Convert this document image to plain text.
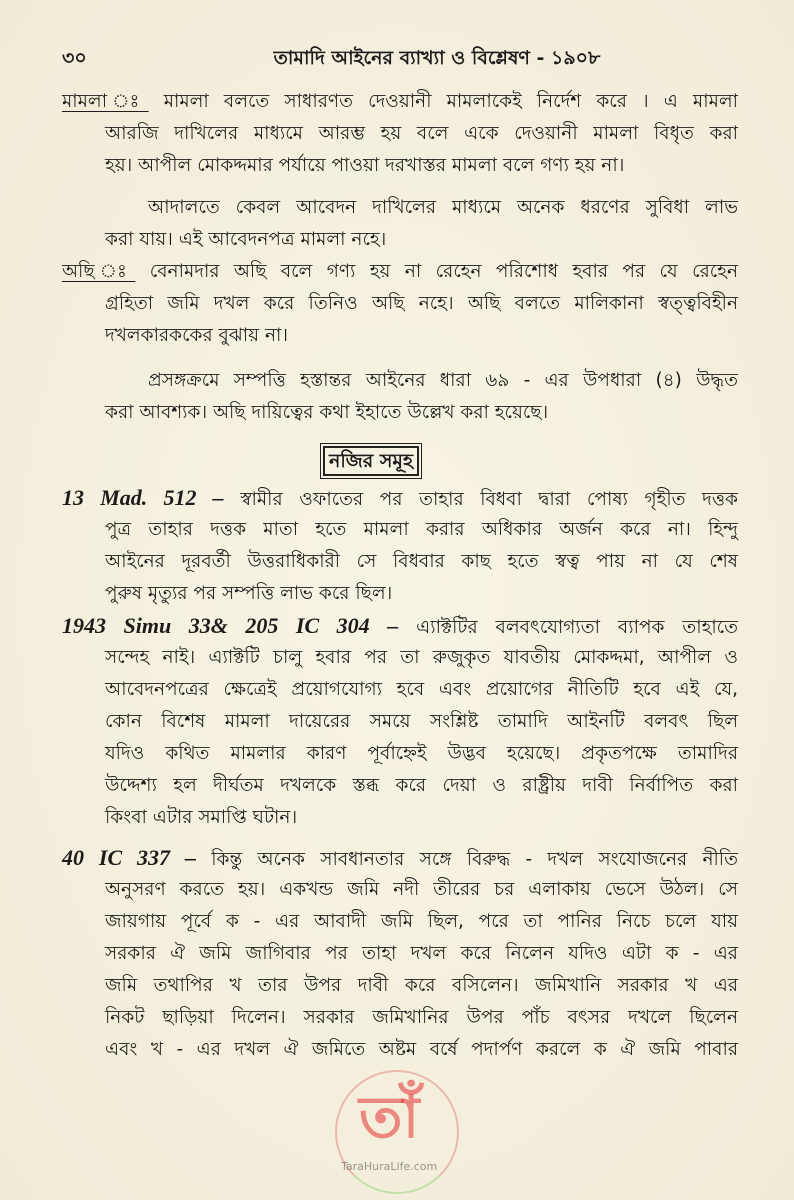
৩০	তামাদি আইনের ব্যাখ্যা ও বিশ্লেষণ - ১৯০৮
মামলা ঃ মামলা বলতে সাধারণত দেওয়ানী মামলাকেই নির্দেশ করে । এ মামলা
আরজি দাখিলের মাধ্যমে আরম্ভ হয় বলে একে দেওয়ানী মামলা বিধৃত করা
হয়। আপীল মোকদ্দমার পর্যায়ে পাওয়া দরখাস্তর মামলা বলে গণ্য হয় না।
আদালতে কেবল আবেদন দাখিলের মাধ্যমে অনেক ধরণের সুবিধা লাভ
করা যায়। এই আবেদনপত্র মামলা নহে।
অছি ঃ বেনামদার অছি বলে গণ্য হয় না রেহেন পরিশোধ হবার পর যে রেহেন
গ্রহিতা জমি দখল করে তিনিও অছি নহে। অছি বলতে মালিকানা স্বত্ত্ববিহীন
দখলকারককের বুঝায় না।
প্রসঙ্গক্রমে সম্পত্তি হস্তান্তর আইনের ধারা ৬৯ - এর উপধারা (৪) উদ্ধৃত
করা আবশ্যক। অছি দায়িত্বের কথা ইহাতে উল্লেখ করা হয়েছে।
13 Mad. 512 – স্বামীর ওফাতের পর তাহার বিধবা দ্বারা পোষ্য গৃহীত দত্তক
পুত্র তাহার দত্তক মাতা হতে মামলা করার অধিকার অর্জন করে না। হিন্দু
আইনের দূরবর্তী উত্তরাধিকারী সে বিধবার কাছ হতে স্বত্ব পায় না যে শেষ
পুরুষ মৃত্যুর পর সম্পত্তি লাভ করে ছিল।
1943 Simu 33& 205 IC 304 – এ্যাক্টটির বলবৎযোগ্যতা ব্যাপক তাহাতে
সন্দেহ নাই। এ্যাক্টটি চালু হবার পর তা রুজুকৃত যাবতীয় মোকদ্দমা, আপীল ও
আবেদনপত্রের ক্ষেত্রেই প্রয়োগযোগ্য হবে এবং প্রয়োগের নীতিটি হবে এই যে,
কোন বিশেষ মামলা দায়েরের সময়ে সংশ্লিষ্ট তামাদি আইনটি বলবৎ ছিল
যদিও কথিত মামলার কারণ পূর্বাহ্নেই উদ্ভব হয়েছে। প্রকৃতপক্ষে তামাদির
উদ্দেশ্য হল দীর্ঘতম দখলকে স্তব্ধ করে দেয়া ও রাষ্ট্রীয় দাবী নির্বাপিত করা
কিংবা এটার সমাপ্তি ঘটান।
40 IC 337 – কিন্তু অনেক সাবধানতার সঙ্গে বিরুদ্ধ - দখল সংযোজনের নীতি
অনুসরণ করতে হয়। একখন্ড জমি নদী তীরের চর এলাকায় ভেসে উঠল। সে
জায়গায় পূর্বে ক - এর আবাদী জমি ছিল, পরে তা পানির নিচে চলে যায়
সরকার ঐ জমি জাগিবার পর তাহা দখল করে নিলেন যদিও এটা ক - এর
জমি তথাপির খ তার উপর দাবী করে বসিলেন। জমিখানি সরকার খ এর
নিকট ছাড়িয়া দিলেন। সরকার জমিখানির উপর পাঁচ বৎসর দখলে ছিলেন
এবং খ - এর দখল ঐ জমিতে অষ্টম বর্ষে পদার্পণ করলে ক ঐ জমি পাবার
নজির সমূহ
তাঁ
TaraHuraLife.com
